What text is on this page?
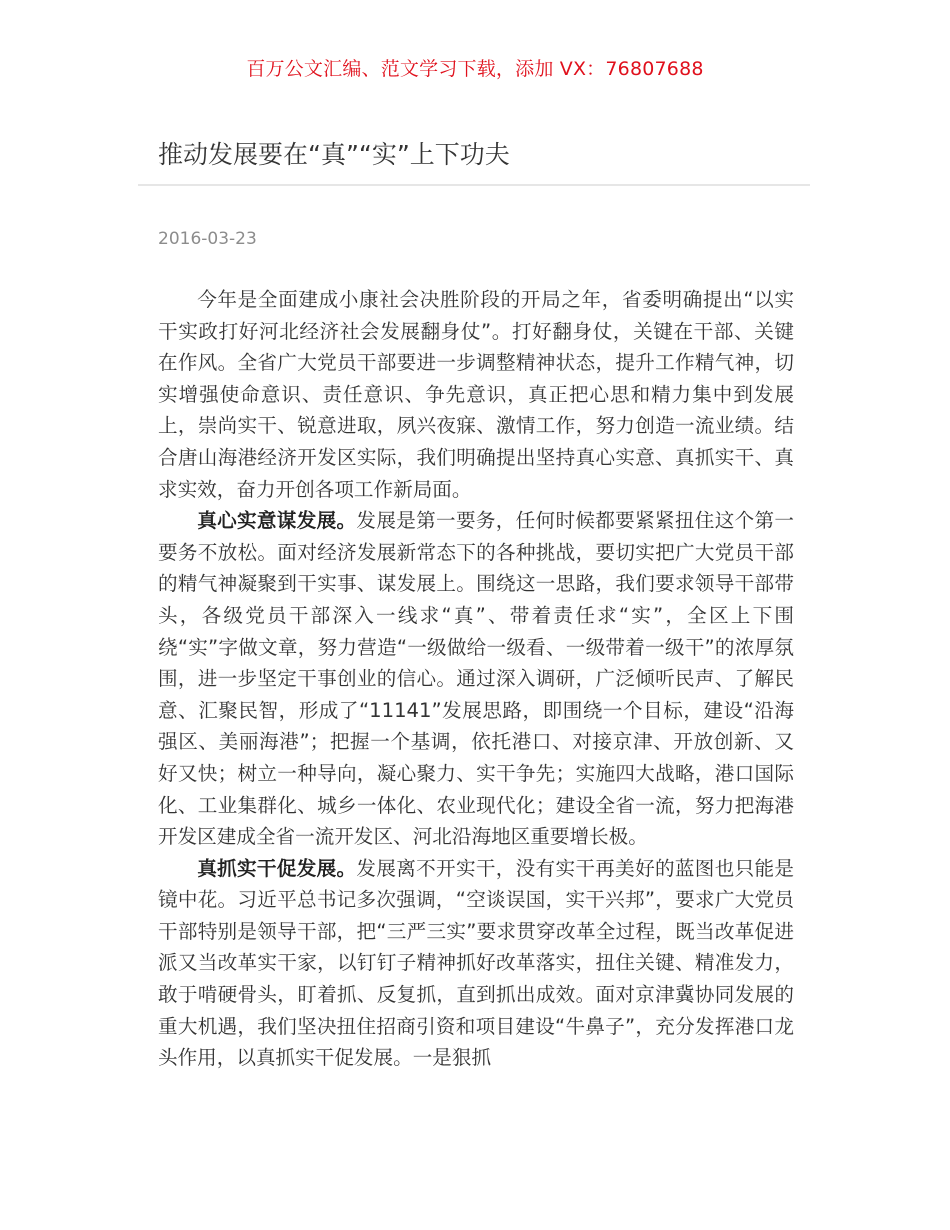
百万公文汇编、范文学习下载，添加 VX：76807688
推动发展要在“真”“实”上下功夫
2016-03-23

今年是全面建成小康社会决胜阶段的开局之年，省委明确提出“以实干实政打好河北经济社会发展翻身仗”。打好翻身仗，关键在干部、关键在作风。全省广大党员干部要进一步调整精神状态，提升工作精气神，切实增强使命意识、责任意识、争先意识，真正把心思和精力集中到发展上，崇尚实干、锐意进取，夙兴夜寐、激情工作，努力创造一流业绩。结合唐山海港经济开发区实际，我们明确提出坚持真心实意、真抓实干、真求实效，奋力开创各项工作新局面。

真心实意谋发展。发展是第一要务，任何时候都要紧紧扭住这个第一要务不放松。面对经济发展新常态下的各种挑战，要切实把广大党员干部的精气神凝聚到干实事、谋发展上。围绕这一思路，我们要求领导干部带头，各级党员干部深入一线求“真”、带着责任求“实”，全区上下围绕“实”字做文章，努力营造“一级做给一级看、一级带着一级干”的浓厚氛围，进一步坚定干事创业的信心。通过深入调研，广泛倾听民声、了解民意、汇聚民智，形成了“11141”发展思路，即围绕一个目标，建设“沿海强区、美丽海港”；把握一个基调，依托港口、对接京津、开放创新、又好又快；树立一种导向，凝心聚力、实干争先；实施四大战略，港口国际化、工业集群化、城乡一体化、农业现代化；建设全省一流，努力把海港开发区建成全省一流开发区、河北沿海地区重要增长极。

真抓实干促发展。发展离不开实干，没有实干再美好的蓝图也只能是镜中花。习近平总书记多次强调，“空谈误国，实干兴邦”，要求广大党员干部特别是领导干部，把“三严三实”要求贯穿改革全过程，既当改革促进派又当改革实干家，以钉钉子精神抓好改革落实，扭住关键、精准发力，敢于啃硬骨头，盯着抓、反复抓，直到抓出成效。面对京津冀协同发展的重大机遇，我们坚决扭住招商引资和项目建设“牛鼻子”，充分发挥港口龙头作用，以真抓实干促发展。一是狠抓
